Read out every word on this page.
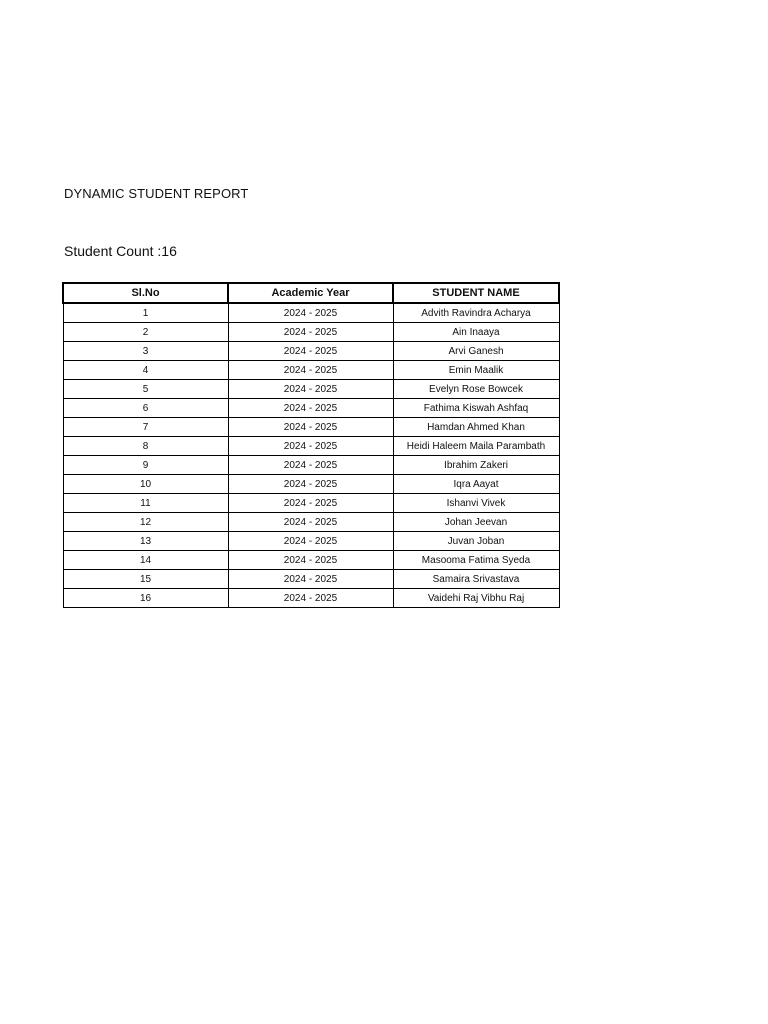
DYNAMIC STUDENT REPORT
Student Count :16
Sl.No	Academic Year	STUDENT NAME
1	2024 - 2025	Advith Ravindra Acharya
2	2024 - 2025	Ain Inaaya
3	2024 - 2025	Arvi Ganesh
4	2024 - 2025	Emin Maalik
5	2024 - 2025	Evelyn Rose Bowcek
6	2024 - 2025	Fathima Kiswah Ashfaq
7	2024 - 2025	Hamdan Ahmed Khan
8	2024 - 2025	Heidi Haleem Maila Parambath
9	2024 - 2025	Ibrahim Zakeri
10	2024 - 2025	Iqra Aayat
11	2024 - 2025	Ishanvi Vivek
12	2024 - 2025	Johan Jeevan
13	2024 - 2025	Juvan Joban
14	2024 - 2025	Masooma Fatima Syeda
15	2024 - 2025	Samaira Srivastava
16	2024 - 2025	Vaidehi Raj Vibhu Raj
